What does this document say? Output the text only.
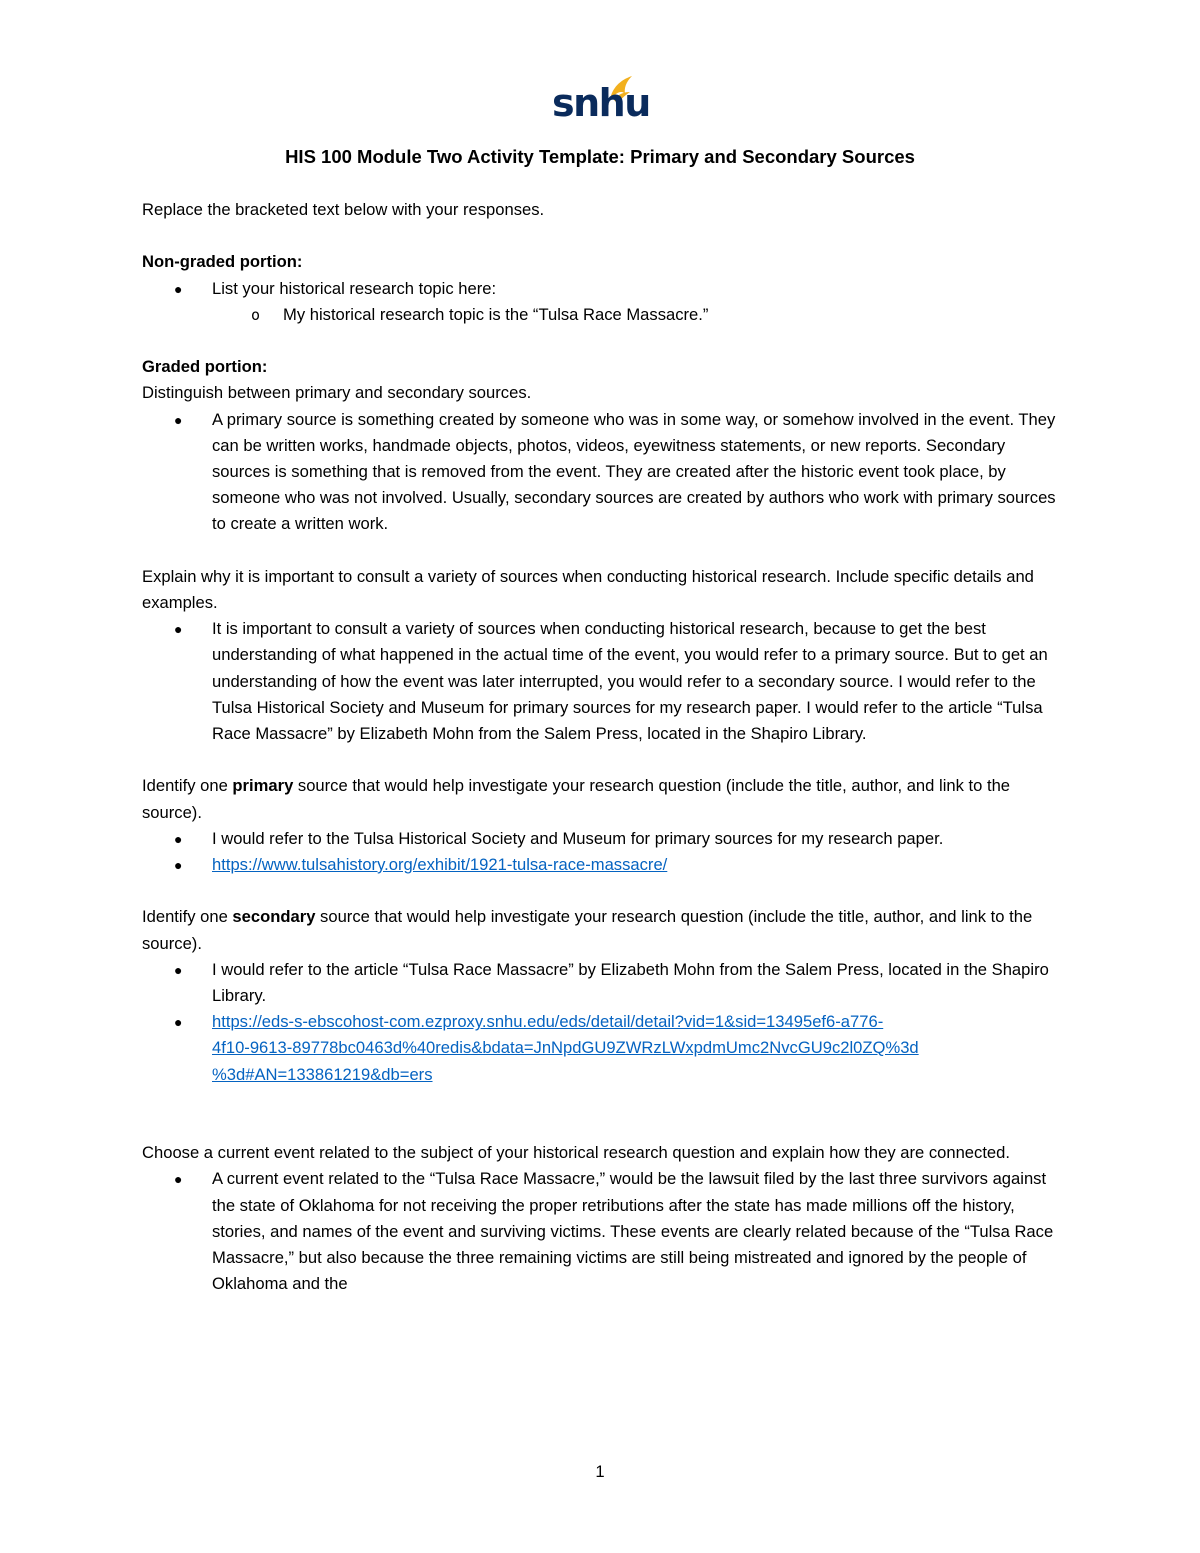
snhu
HIS 100 Module Two Activity Template: Primary and Secondary Sources

Replace the bracketed text below with your responses.

Non-graded portion:

● List your historical research topic here:
o My historical research topic is the “Tulsa Race Massacre.”

Graded portion:

Distinguish between primary and secondary sources.

● A primary source is something created by someone who was in some way, or somehow involved in the event. They can be written works, handmade objects, photos, videos, eyewitness statements, or new reports. Secondary sources is something that is removed from the event. They are created after the historic event took place, by someone who was not involved. Usually, secondary sources are created by authors who work with primary sources to create a written work.

Explain why it is important to consult a variety of sources when conducting historical research. Include specific details and examples.

● It is important to consult a variety of sources when conducting historical research, because to get the best understanding of what happened in the actual time of the event, you would refer to a primary source. But to get an understanding of how the event was later interrupted, you would refer to a secondary source. I would refer to the Tulsa Historical Society and Museum for primary sources for my research paper. I would refer to the article “Tulsa Race Massacre” by Elizabeth Mohn from the Salem Press, located in the Shapiro Library.

Identify one primary source that would help investigate your research question (include the title, author, and link to the source).

● I would refer to the Tulsa Historical Society and Museum for primary sources for my research paper.
● https://www.tulsahistory.org/exhibit/1921-tulsa-race-massacre/

Identify one secondary source that would help investigate your research question (include the title, author, and link to the source).

● I would refer to the article “Tulsa Race Massacre” by Elizabeth Mohn from the Salem Press, located in the Shapiro Library.
● https://eds-s-ebscohost-com.ezproxy.snhu.edu/eds/detail/detail?vid=1&sid=13495ef6-a776-
4f10-9613-89778bc0463d%40redis&bdata=JnNpdGU9ZWRzLWxpdmUmc2NvcGU9c2l0ZQ%3d
%3d#AN=133861219&db=ers

Choose a current event related to the subject of your historical research question and explain how they are connected.

● A current event related to the “Tulsa Race Massacre,” would be the lawsuit filed by the last three survivors against the state of Oklahoma for not receiving the proper retributions after the state has made millions off the history, stories, and names of the event and surviving victims. These events are clearly related because of the “Tulsa Race Massacre,” but also because the three remaining victims are still being mistreated and ignored by the people of Oklahoma and the
1
